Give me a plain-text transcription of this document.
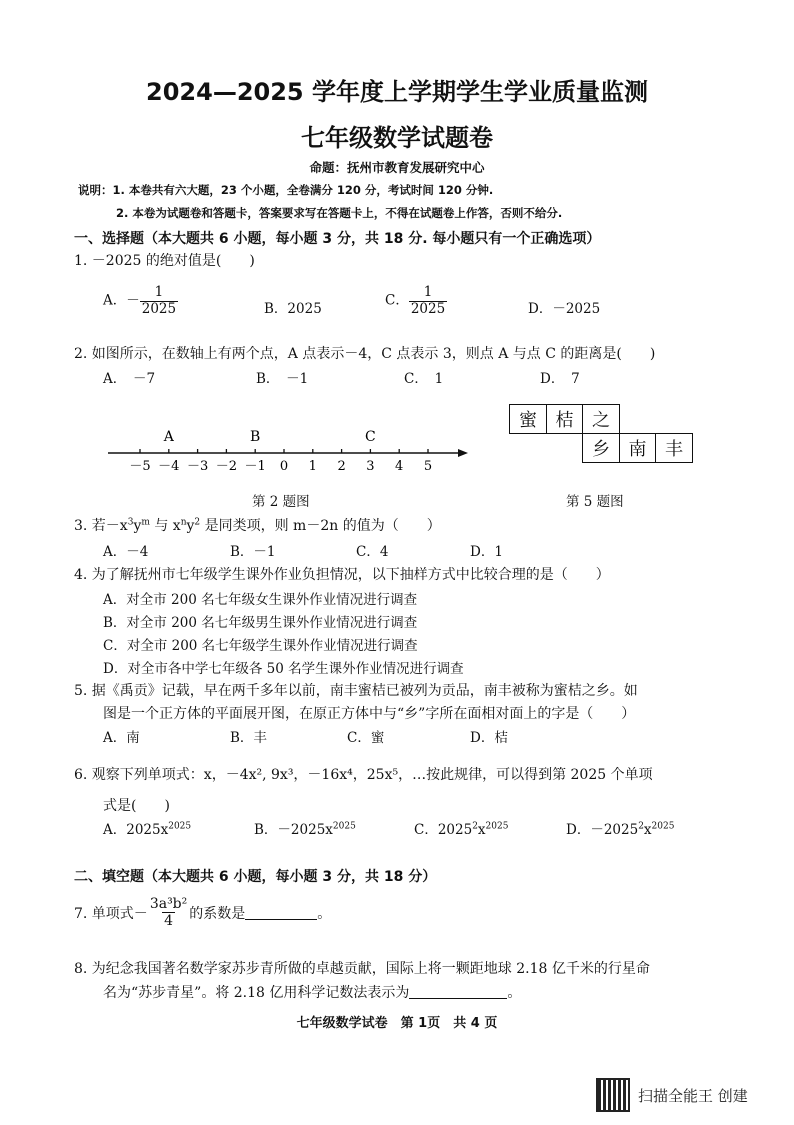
2024—2025 学年度上学期学生学业质量监测
七年级数学试题卷
命题：抚州市教育发展研究中心
说明：1. 本卷共有六大题，23 个小题，全卷满分 120 分，考试时间 120 分钟.
2. 本卷为试题卷和答题卡，答案要求写在答题卡上，不得在试题卷上作答，否则不给分.
一、选择题（本大题共 6 小题，每小题 3 分，共 18 分. 每小题只有一个正确选项）
1. －2025 的绝对值是(　　)
A．－ $\frac{1}{2025}$	B．2025
C． $\frac{1}{2025}$	D．－2025
2. 如图所示，在数轴上有两个点，A 点表示－4，C 点表示 3，则点 A 与点 C 的距离是(　　)
A．　－7	B．　－1	C．　1	D．　7
－5 －4 －3 －2 －1 0 1 2 3 4 5
A	B	C
第 2 题图
蜜	桔	之
乡	南	丰
第 5 题图
3. 若$-x^3y^m$ 与 $x^ny^2$ 是同类项，则 m－2n 的值为（　　）
A．－4	B．－1	C．4	D．1
4. 为了解抚州市七年级学生课外作业负担情况，以下抽样方式中比较合理的是（　　）
A．对全市 200 名七年级女生课外作业情况进行调查
B．对全市 200 名七年级男生课外作业情况进行调查
C．对全市 200 名七年级学生课外作业情况进行调查
D．对全市各中学七年级各 50 名学生课外作业情况进行调查
5. 据《禹贡》记载，早在两千多年以前，南丰蜜桔已被列为贡品，南丰被称为蜜桔之乡。如
图是一个正方体的平面展开图，在原正方体中与“乡”字所在面相对面上的字是（　　）
A．南	B．丰	C．蜜	D．桔
6. 观察下列单项式：x，－4x², 9x³，－16x⁴，25x⁵，…按此规律，可以得到第 2025 个单项
式是(　　)
A．$2025x^{2025}$	B．$-2025x^{2025}$	C．$2025^2x^{2025}$	D．$-2025^2x^{2025}$
二、填空题（本大题共 6 小题，每小题 3 分，共 18 分）
7. 单项式－ $\frac{\text{3a³b²}}{4}$ 的系数是	。
8. 为纪念我国著名数学家苏步青所做的卓越贡献，国际上将一颗距地球 2.18 亿千米的行星命
名为“苏步青星”。将 2.18 亿用科学记数法表示为	。
七年级数学试卷　第 1页　共 4 页
扫描全能王 创建
